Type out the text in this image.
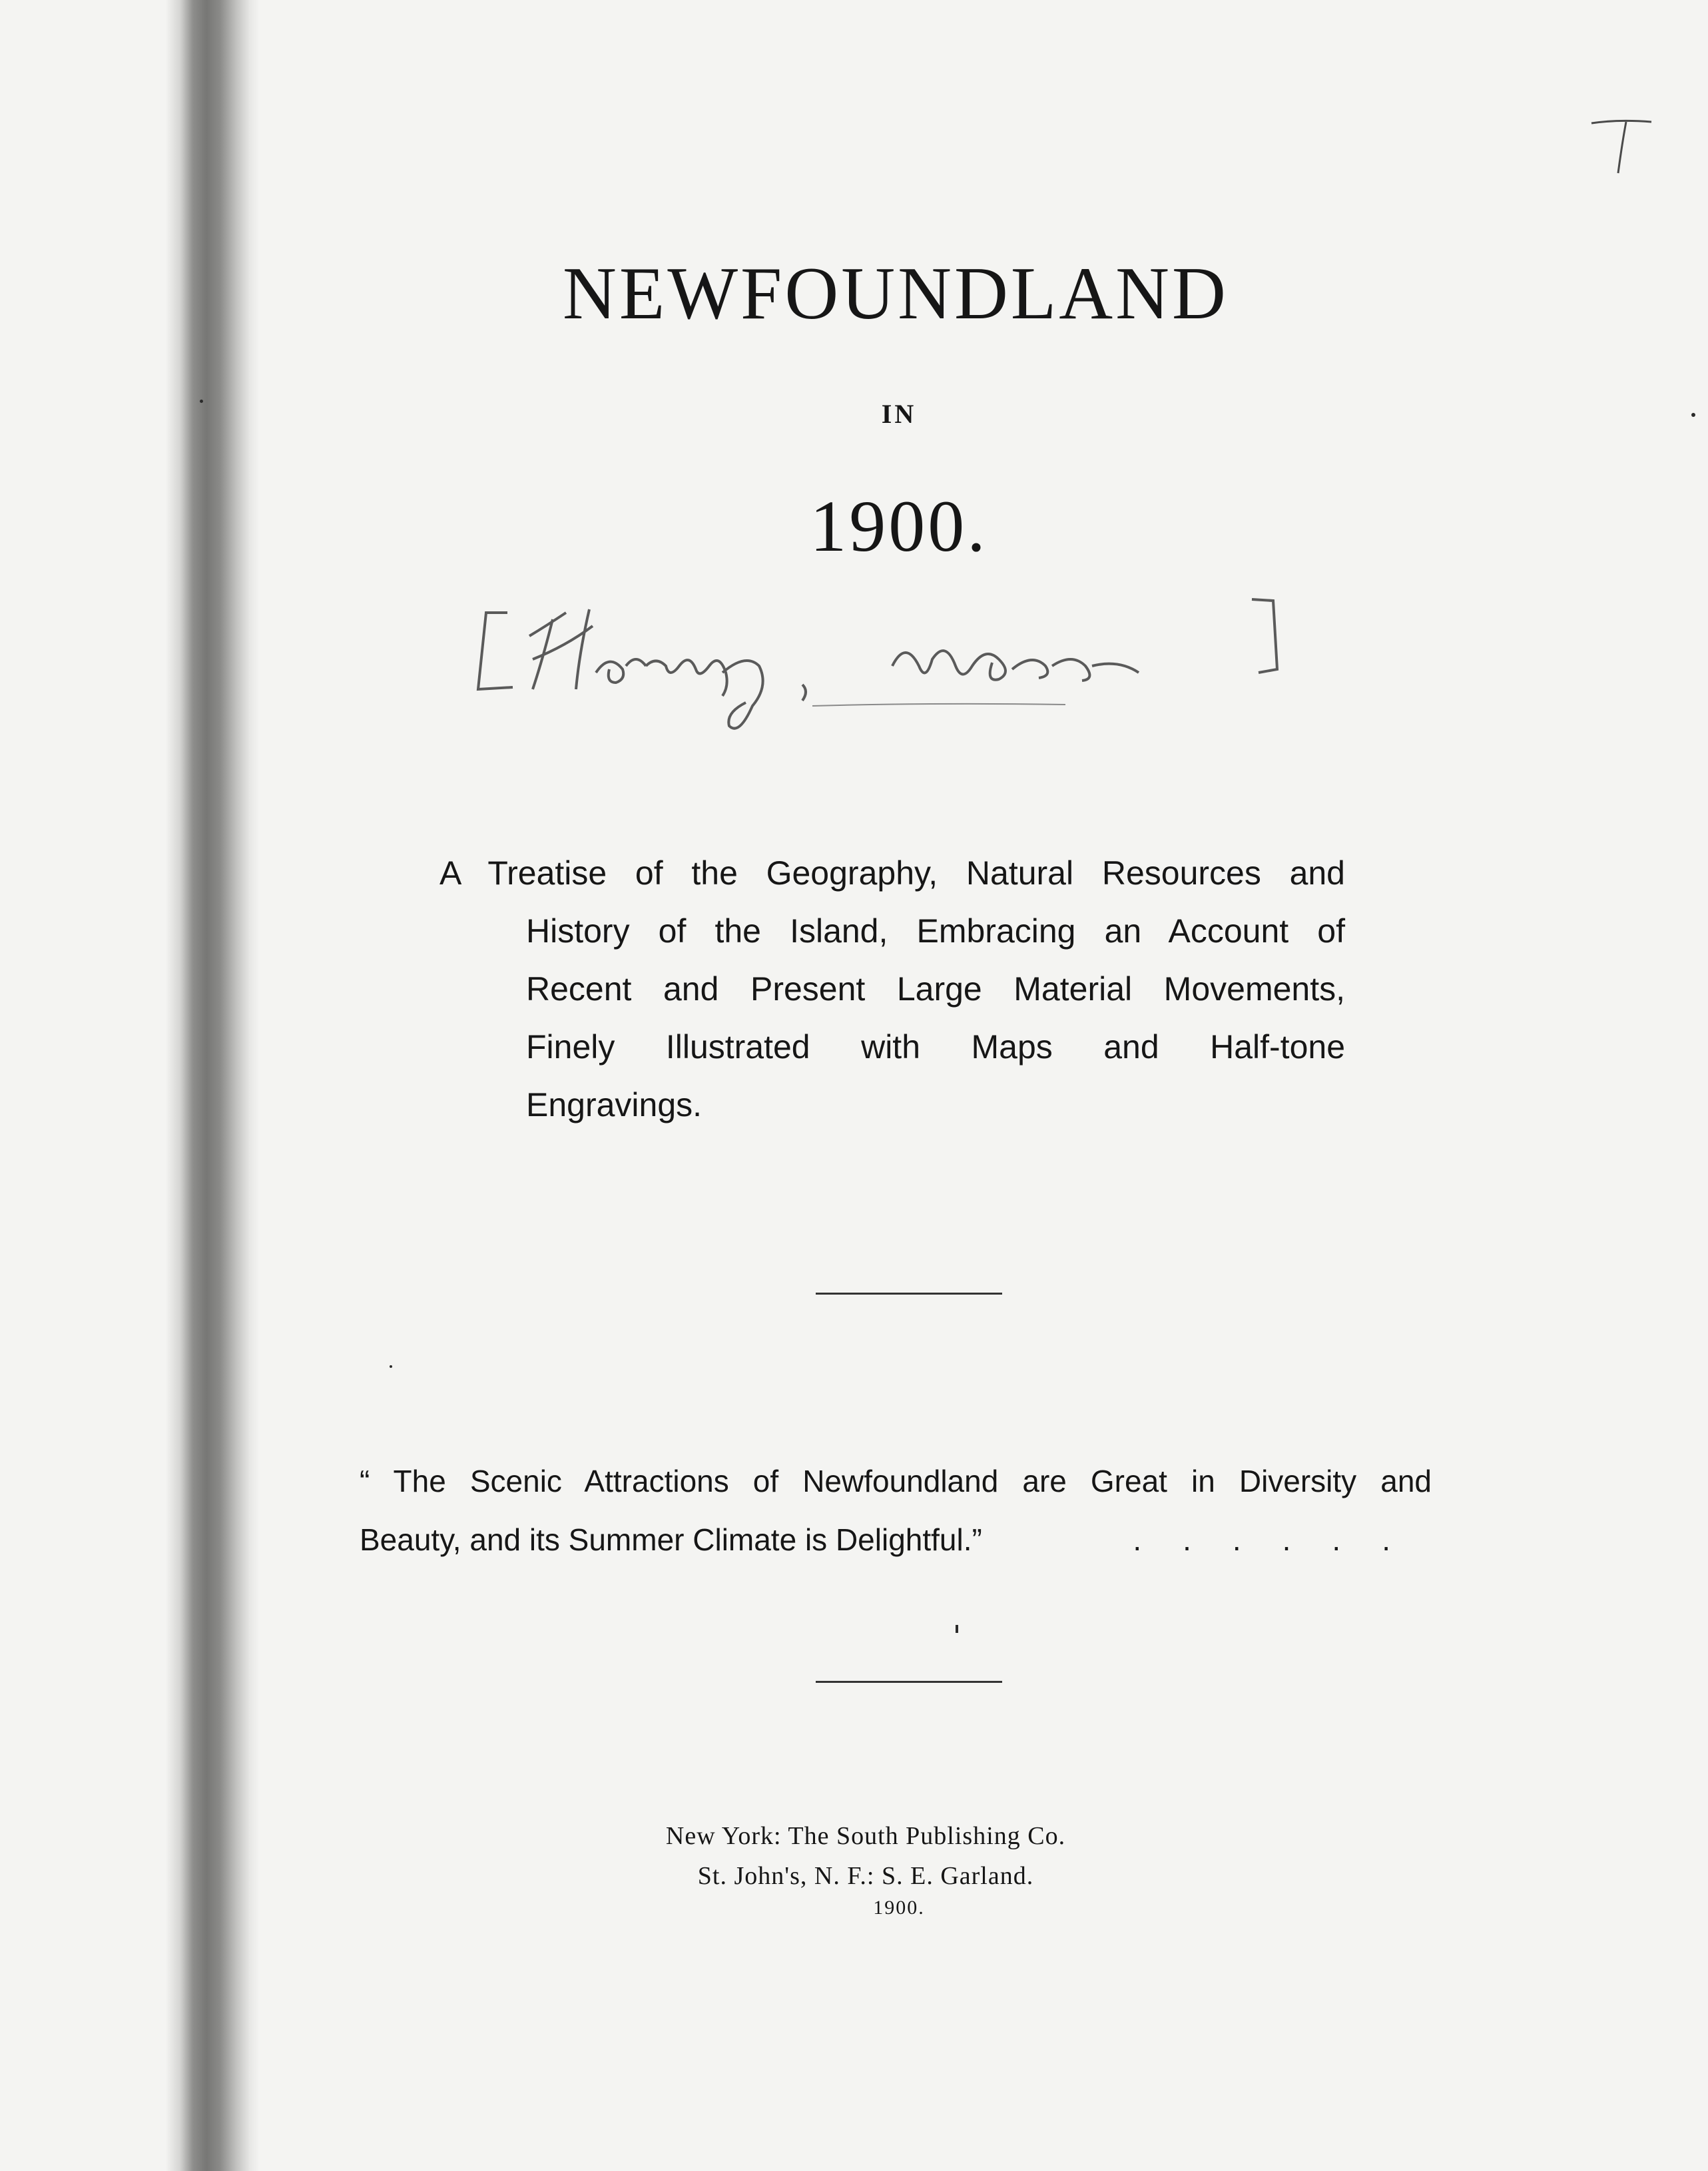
NEWFOUNDLAND
IN
1900.
A Treatise of the Geography, Natural Resources and
History of the Island, Embracing an Account of
Recent and Present Large Material Movements,
Finely Illustrated with Maps and Half-tone
Engravings.
“ The Scenic Attractions of Newfoundland are Great in Diversity and
Beauty, and its Summer Climate is Delightful.”	......
New York: The South Publishing Co.
St. John's, N. F.: S. E. Garland.
1900.
